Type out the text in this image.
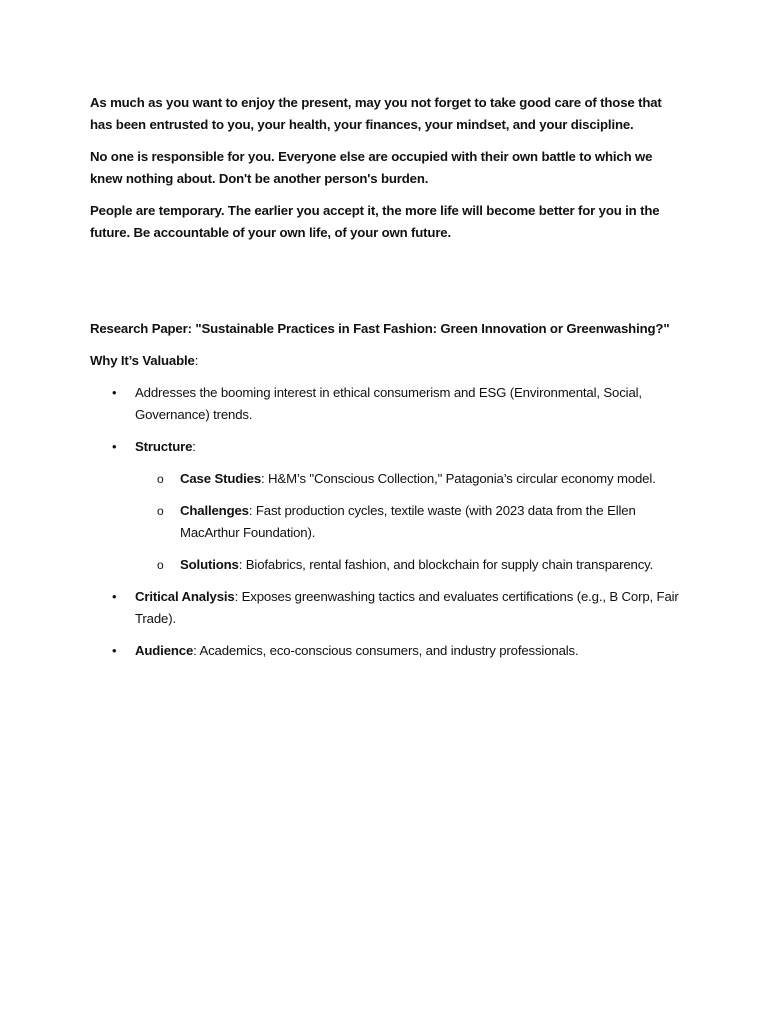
As much as you want to enjoy the present, may you not forget to take good care of those that has been entrusted to you, your health, your finances, your mindset, and your discipline.

No one is responsible for you. Everyone else are occupied with their own battle to which we knew nothing about. Don't be another person's burden.

People are temporary. The earlier you accept it, the more life will become better for you in the future. Be accountable of your own life, of your own future.

Research Paper: "Sustainable Practices in Fast Fashion: Green Innovation or Greenwashing?"

Why It’s Valuable:

•	Addresses the booming interest in ethical consumerism and ESG (Environmental, Social, Governance) trends.
•	Structure:
o Case Studies: H&M’s "Conscious Collection," Patagonia’s circular economy model.
o Challenges: Fast production cycles, textile waste (with 2023 data from the Ellen MacArthur Foundation).
o Solutions: Biofabrics, rental fashion, and blockchain for supply chain transparency.
•	Critical Analysis: Exposes greenwashing tactics and evaluates certifications (e.g., B Corp, Fair Trade).
•	Audience: Academics, eco-conscious consumers, and industry professionals.
